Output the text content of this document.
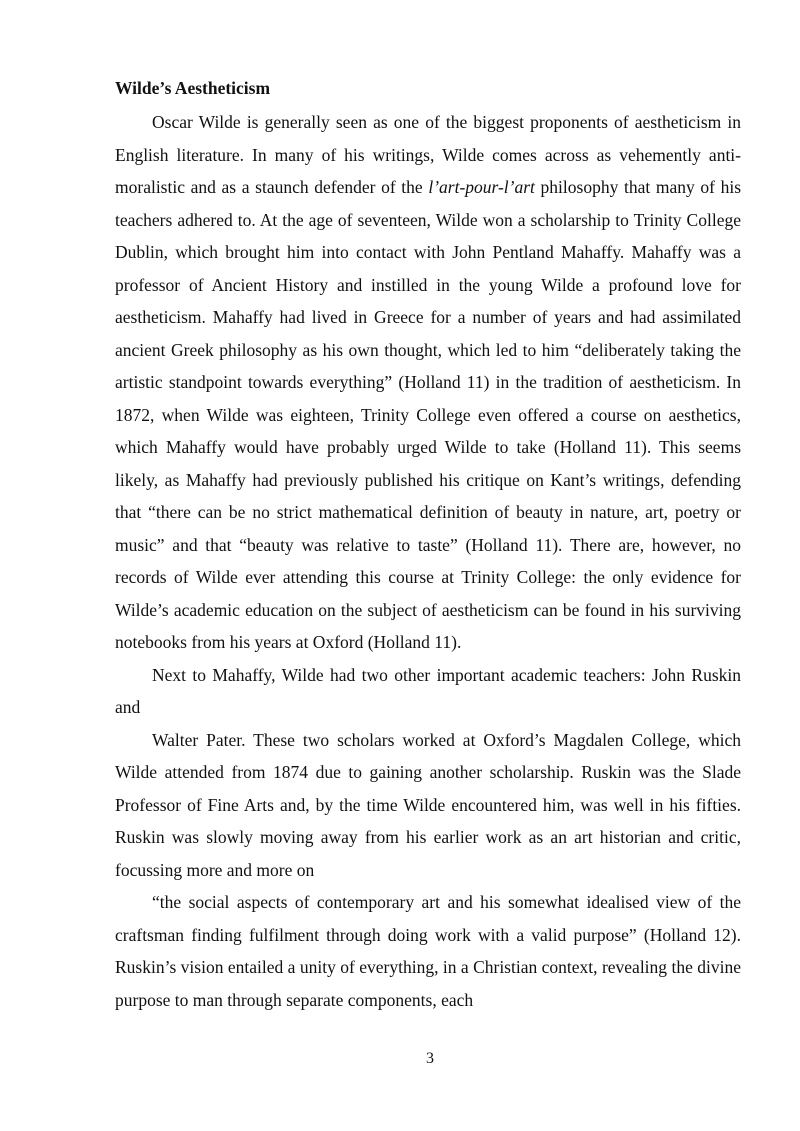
Wilde’s Aestheticism

Oscar Wilde is generally seen as one of the biggest proponents of aestheticism in English literature. In many of his writings, Wilde comes across as vehemently anti-moralistic and as a staunch defender of the l’art-pour-l’art philosophy that many of his teachers adhered to. At the age of seventeen, Wilde won a scholarship to Trinity College Dublin, which brought him into contact with John Pentland Mahaffy. Mahaffy was a professor of Ancient History and instilled in the young Wilde a profound love for aestheticism. Mahaffy had lived in Greece for a number of years and had assimilated ancient Greek philosophy as his own thought, which led to him “deliberately taking the artistic standpoint towards everything” (Holland 11) in the tradition of aestheticism. In 1872, when Wilde was eighteen, Trinity College even offered a course on aesthetics, which Mahaffy would have probably urged Wilde to take (Holland 11). This seems likely, as Mahaffy had previously published his critique on Kant’s writings, defending that “there can be no strict mathematical definition of beauty in nature, art, poetry or music” and that “beauty was relative to taste” (Holland 11). There are, however, no records of Wilde ever attending this course at Trinity College: the only evidence for Wilde’s academic education on the subject of aestheticism can be found in his surviving notebooks from his years at Oxford (Holland 11).

Next to Mahaffy, Wilde had two other important academic teachers: John Ruskin and

Walter Pater. These two scholars worked at Oxford’s Magdalen College, which Wilde attended from 1874 due to gaining another scholarship. Ruskin was the Slade Professor of Fine Arts and, by the time Wilde encountered him, was well in his fifties. Ruskin was slowly moving away from his earlier work as an art historian and critic, focussing more and more on

“the social aspects of contemporary art and his somewhat idealised view of the craftsman finding fulfilment through doing work with a valid purpose” (Holland 12). Ruskin’s vision entailed a unity of everything, in a Christian context, revealing the divine purpose to man through separate components, each

3
